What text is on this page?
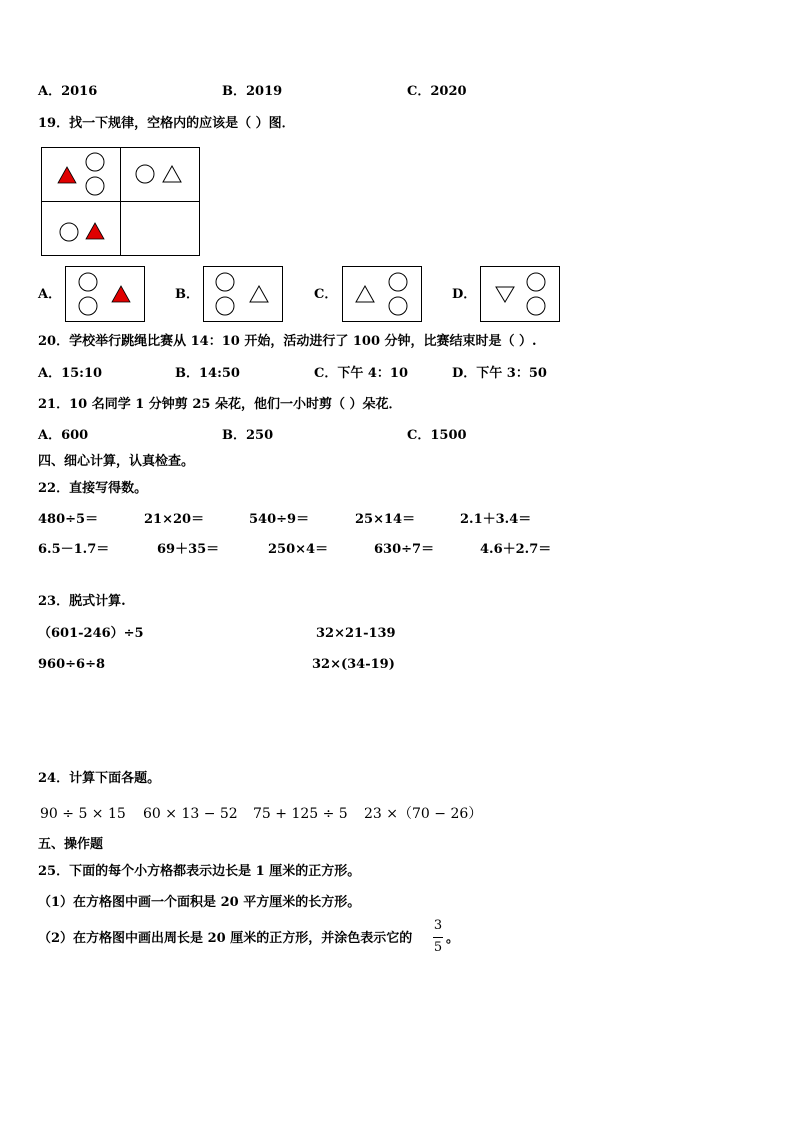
A．2016	B．2019	C．2020
19．找一下规律，空格内的应该是（ ）图．
A．	B．	C．	D．
20．学校举行跳绳比赛从 14：10 开始，活动进行了 100 分钟，比赛结束时是（ ）.
A．15:10	B．14:50	C．下午 4：10	D．下午 3：50
21．10 名同学 1 分钟剪 25 朵花，他们一小时剪（ ）朵花．
A．600	B．250	C．1500
四、细心计算，认真检查。
22．直接写得数。
480÷5＝	21×20＝	540÷9＝	25×14＝	2.1＋3.4＝
6.5－1.7＝	69＋35＝	250×4＝	630÷7＝	4.6＋2.7＝
23．脱式计算.
（601-246）÷5	32×21-139
960÷6÷8	32×(34-19)
24．计算下面各题。
90 ÷ 5 × 15 60 × 13 − 52 75 + 125 ÷ 5 23 ×（70 − 26）
五、操作题
25．下面的每个小方格都表示边长是 1 厘米的正方形。
（1）在方格图中画一个面积是 20 平方厘米的长方形。
（2）在方格图中画出周长是 20 厘米的正方形，并涂色表示它的
3
5
。
